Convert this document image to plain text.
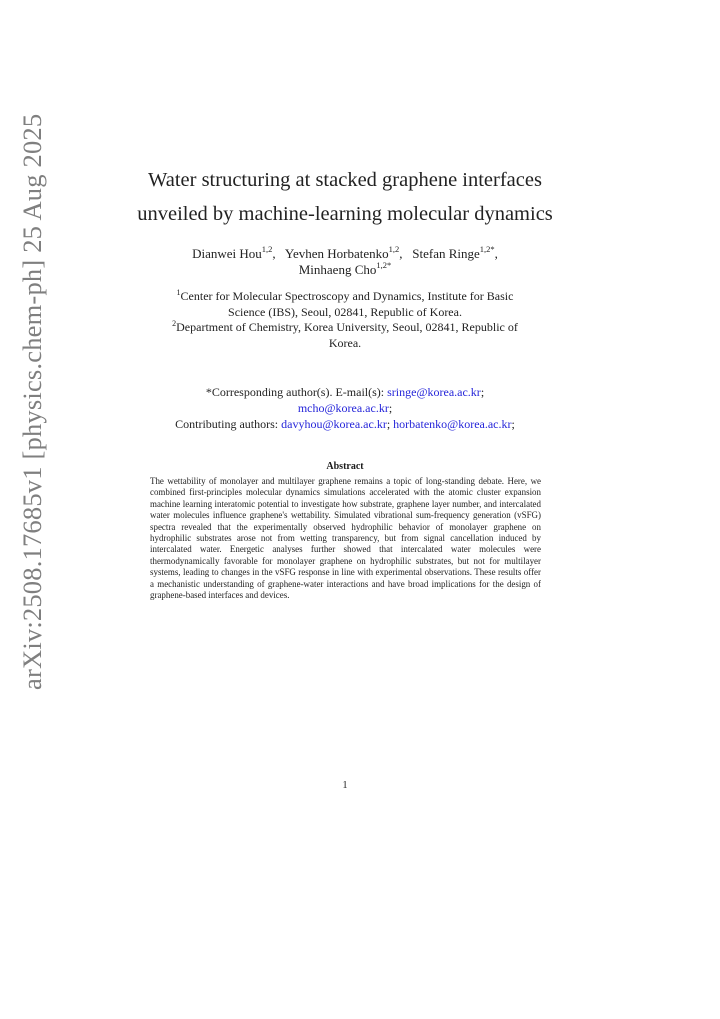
arXiv:2508.17685v1 [physics.chem-ph] 25 Aug 2025	Water structuring at stacked graphene interfaces
unveiled by machine-learning molecular dynamics
Dianwei Hou$^{1,2}$,   Yevhen Horbatenko$^{1,2}$,   Stefan Ringe$^{1,2*}$,
Minhaeng Cho$^{1,2*}$
$^1$Center for Molecular Spectroscopy and Dynamics, Institute for Basic
Science (IBS), Seoul, 02841, Republic of Korea.
$^2$Department of Chemistry, Korea University, Seoul, 02841, Republic of
Korea.
*Corresponding author(s). E-mail(s): sringe@korea.ac.kr;
mcho@korea.ac.kr;
Contributing authors: davyhou@korea.ac.kr; horbatenko@korea.ac.kr;
Abstract
The wettability of monolayer and multilayer graphene remains a topic of long-standing debate. Here, we combined first-principles molecular dynamics simulations accelerated with the atomic cluster expansion machine learning interatomic potential to investigate how substrate, graphene layer number, and intercalated water molecules influence graphene's wettability. Simulated vibrational sum-frequency generation (vSFG) spectra revealed that the experimentally observed hydrophilic behavior of monolayer graphene on hydrophilic substrates arose not from wetting transparency, but from signal cancellation induced by intercalated water. Energetic analyses further showed that intercalated water molecules were thermodynamically favorable for monolayer graphene on hydrophilic substrates, but not for multilayer systems, leading to changes in the vSFG response in line with experimental observations. These results offer a mechanistic understanding of graphene-water interactions and have broad implications for the design of graphene-based interfaces and devices.
1
